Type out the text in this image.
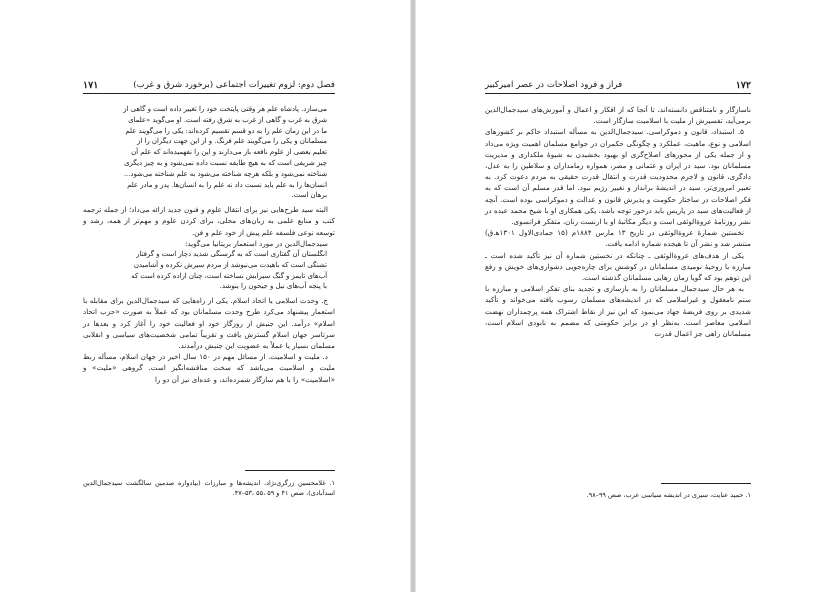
فصل دوم: لزوم تغییرات اجتماعی (برخورد شرق و غرب)
۱۷۱
می‌سازد. پادشاه علم هر وقتی پایتخت خود را تغییر داده است و گاهی از
شرق به غرب و گاهی از غرب به شرق رفته است. او می‌گوید «علمای
ما در این زمان علم را به دو قسم تقسیم کرده‌اند: یکی را می‌گویند علم
مسلمانان و یکی را می‌گویند علم فرنگ. و از این جهت دیگران را از
تعلیم بعضی از علوم نافعه باز می‌دارند و این را نفهمیده‌اند که علم آن
چیز شریفی است که به هیچ طایفه نسبت داده نمی‌شود و به چیز دیگری
شناخته نمی‌شود و بلکه هرچه شناخته می‌شود به علم شناخته می‌شود...
انسان‌ها را به علم باید نسبت داد نه علم را به انسان‌ها. پدر و مادر علم
برهان است.

البته سید طرح‌هایی نیز برای انتقال علوم و فنون جدید ارائه می‌داد؛ از جمله ترجمه کتب و منابع علمی به زبان‌های محلی، برای کردن علوم و مهم‌تر از همه، رشد و توسعه نوعی فلسفه علم پیش از خود علم و فن.

سید‌جمال‌الدین در مورد استعمار بریتانیا می‌گوید:

انگلستان آن گفتاری است که به گرسنگی شدید دچار است و گرفتار
تشنگی است که باهیدت می‌نیوشد از مردم سیرش نکرده و آشامیدن
آب‌های تایمز و گنگ سیرابش نساخته است، چنان اراده کرده است که
با پنجه آب‌های نیل و جیحون را بنوشد.

ج. وحدت اسلامی یا اتحاد اسلام. یکی از راه‌هایی که سید‌جمال‌الدین برای مقابله با استعمار پیشنهاد می‌کرد طرح وحدت مسلمانان بود که عملاً به صورت «حزب اتحاد اسلام» درآمد. این جنبش از روزگار خود او فعالیت خود را آغاز کرد و بعدها در سرتاسر جهان اسلام گسترش یافت و تقریباً تمامی شخصیت‌های سیاسی و انقلابی مسلمان بسیار یا عملاً به عضویت این جنبش درآمدند.

د. ملیت و اسلامیت. از مسائل مهم در ۱۵۰ سال اخیر در جهان اسلام، مسأله ربط ملیت و اسلامیت می‌باشد که سخت مناقشه‌انگیز است. گروهی «ملیت» و «اسلامیت» را با هم سازگار شمرده‌اند، و عده‌ای نیز آن دو را

۱. غلامحسین زرگری‌نژاد، اندیشه‌ها و مبارزات (بیادواره صدمین سالگشت سید‌جمال‌الدین اسدآبادی)، صص ۴۱ و ۵۹ ،۵۵ ،۵۳–۴۷.
۱۷۲
فراز و فرود اصلاحات در عصر امیرکبیر

ناسازگار و نامتناقض دانسته‌اند، تا آنجا که از افکار و اعمال و آموزش‌های سید‌جمال‌الدین برمی‌آید، تفسیرش از ملیت با اسلامیت سازگار است.

۵. استبداد، قانون و دموکراسی. سید‌جمال‌الدین به مسأله استبداد حاکم بر کشورهای اسلامی و نوع، ماهیت، عملکرد و چگونگی حکمران در جوامع مسلمان اهمیت ویژه می‌داد و از جمله یکی از محورهای اصلاح‌گری او بهبود بخشیدن به شیوهٔ ملکداری و مدیریت مسلمانان بود. سید در ایران و عثمانی و مصر، همواره زمامداران و سلاطین را به عدل، دادگری، قانون و لاجرم محدودیت قدرت و انتقال قدرت حقیقی به مردم دعوت کرد. به تعبیر امروزی‌تر، سید در اندیشهٔ برانداز و تغییر رژیم نبود. اما قدر مسلم آن است که به فکر اصلاحات در ساختار حکومت و پذیرش قانون و عدالت و دموکراسی بوده است. آنچه از فعالیت‌های سید در پاریس باید درخور توجه باشد، یکی همکاری او با شیخ محمد عبده در نشر روزنامهٔ عروةالوثقی است و دیگر مکاتبهٔ او با ارنست رنان، متفکر فرانسوی.

نخستین شمارهٔ عروةالوثقی در تاریخ ۱۳ مارس ۱۸۸۴م (۱۵ جمادی‌الاول ۱۳۰۱ه‍.ق) منتشر شد و نشر آن تا هیجده شماره ادامه یافت.

یکی از هدف‌های عروةالوثقی ـ چنانکه در نخستین شماره آن نیز تأکید شده است ـ مبارزه با روحیهٔ نومیدی مسلمانان در کوشش برای چاره‌جویی دشواری‌های خویش و رفع این توهم بود که گویا زمان رهایی مسلمانان گذشته است.

به هر حال سید‌جمال مسلمانان را به بازسازی و تجدید بنای تفکر اسلامی و مبارزه با ستم نامعقول و غیراسلامی که در اندیشه‌های مسلمان رسوب یافته می‌خواند و تأکید شدیدی بر روی فریضهٔ جهاد می‌نمود که این نیز از نقاط اشتراک همه پرچمداران نهضت اسلامی معاصر است. به‌نظر او در برابر حکومتی که مصمم به نابودی اسلام است، مسلمانان راهی جز اعمال قدرت

۱. حمید عنایت، سیری در اندیشه سیاسی عرب، صص ۹۹–۹۸.
